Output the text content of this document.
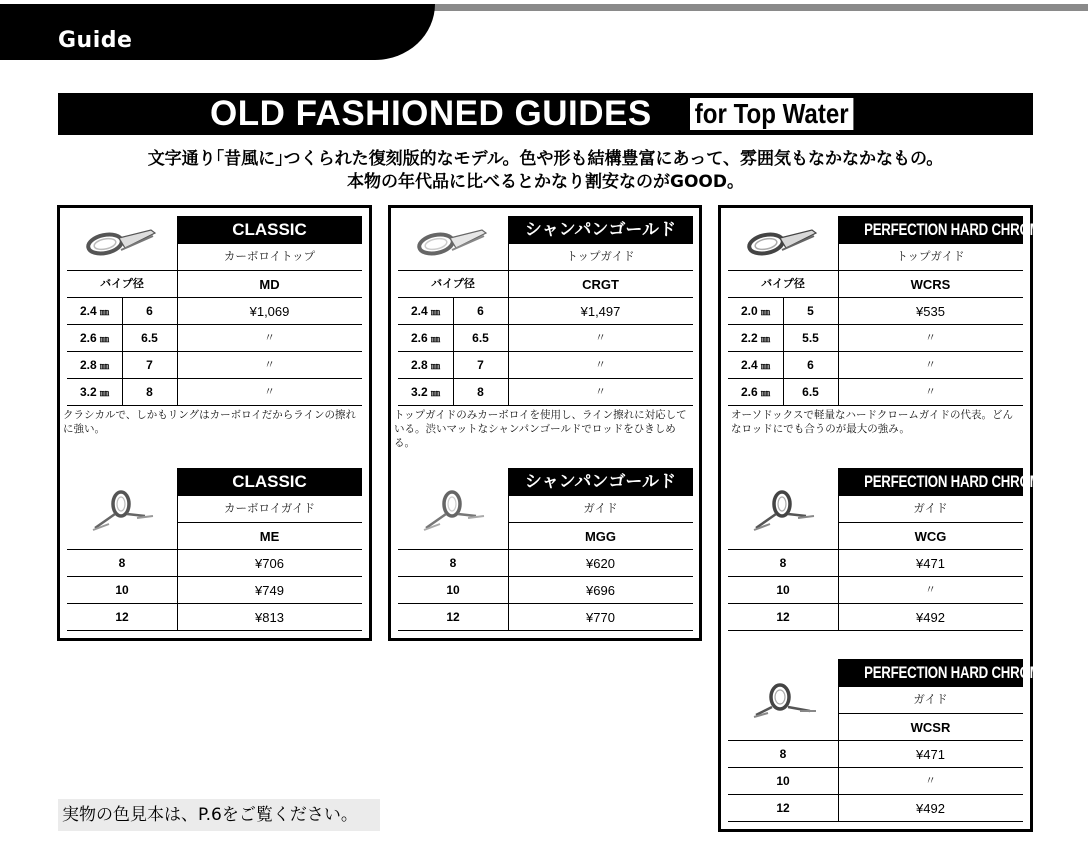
Guide
OLD FASHIONED GUIDES for Top Water
文字通り｢昔風に｣つくられた復刻版的なモデル。色や形も結構豊富にあって、雰囲気もなかなかなもの。
本物の年代品に比べるとかなり割安なのがGOOD。
CLASSIC
カーボロイトップ
バイプ径	MD
2.4 ㎜	6	¥1,069
2.6 ㎜	6.5	〃
2.8 ㎜	7	〃
3.2 ㎜	8	〃
クラシカルで、しかもリングはカーボロイだからラインの擦れに強い。
CLASSIC
カーボロイガイド
ME
8	¥706
10	¥749
12	¥813
シャンパンゴールド
トップガイド
バイプ径	CRGT
2.4 ㎜	6	¥1,497
2.6 ㎜	6.5	〃
2.8 ㎜	7	〃
3.2 ㎜	8	〃
トップガイドのみカーボロイを使用し、ライン擦れに対応している。渋いマットなシャンパンゴールドでロッドをひきしめる。
シャンパンゴールド
ガイド
MGG
8	¥620
10	¥696
12	¥770
PERFECTION HARD CHROME
トップガイド
バイプ径	WCRS
2.0 ㎜	5	¥535
2.2 ㎜	5.5	〃
2.4 ㎜	6	〃
2.6 ㎜	6.5	〃
オーソドックスで軽量なハードクロームガイドの代表。どんなロッドにでも合うのが最大の強み。
PERFECTION HARD CHROME
ガイド
WCG
8	¥471
10	〃
12	¥492
PERFECTION HARD CHROME
ガイド
WCSR
8	¥471
10	〃
12	¥492
実物の色見本は、P.6をご覧ください。
